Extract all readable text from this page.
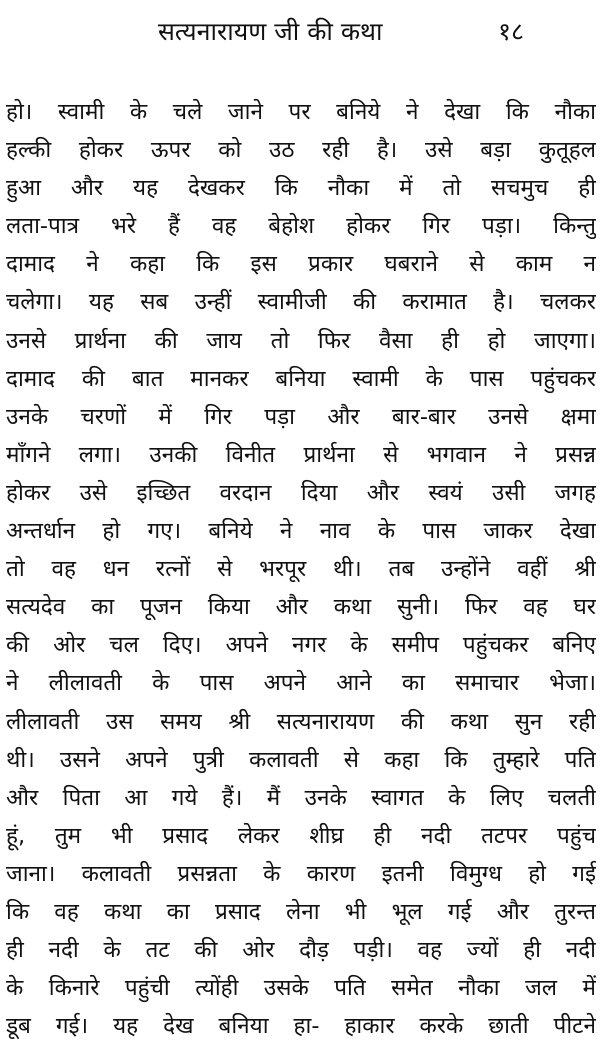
सत्यनारायण जी की कथा	१८
हो। स्वामी के चले जाने पर बनिये ने देखा कि नौका
हल्की होकर ऊपर को उठ रही है। उसे बड़ा कुतूहल
हुआ और यह देखकर कि नौका में तो सचमुच ही
लता-पात्र भरे हैं वह बेहोश होकर गिर पड़ा। किन्तु
दामाद ने कहा कि इस प्रकार घबराने से काम न
चलेगा। यह सब उन्हीं स्वामीजी की करामात है। चलकर
उनसे प्रार्थना की जाय तो फिर वैसा ही हो जाएगा।
दामाद की बात मानकर बनिया स्वामी के पास पहुंचकर
उनके चरणों में गिर पड़ा और बार-बार उनसे क्षमा
माँगने लगा। उनकी विनीत प्रार्थना से भगवान ने प्रसन्न
होकर उसे इच्छित वरदान दिया और स्वयं उसी जगह
अन्तर्धान हो गए। बनिये ने नाव के पास जाकर देखा
तो वह धन रत्नों से भरपूर थी। तब उन्होंने वहीं श्री
सत्यदेव का पूजन किया और कथा सुनी। फिर वह घर
की ओर चल दिए। अपने नगर के समीप पहुंचकर बनिए
ने लीलावती के पास अपने आने का समाचार भेजा।
लीलावती उस समय श्री सत्यनारायण की कथा सुन रही
थी। उसने अपने पुत्री कलावती से कहा कि तुम्हारे पति
और पिता आ गये हैं। मैं उनके स्वागत के लिए चलती
हूं, तुम भी प्रसाद लेकर शीघ्र ही नदी तटपर पहुंच
जाना। कलावती प्रसन्नता के कारण इतनी विमुग्ध हो गई
कि वह कथा का प्रसाद लेना भी भूल गई और तुरन्त
ही नदी के तट की ओर दौड़ पड़ी। वह ज्यों ही नदी
के किनारे पहुंची त्योंही उसके पति समेत नौका जल में
डूब गई। यह देख बनिया हा- हाकार करके छाती पीटने
